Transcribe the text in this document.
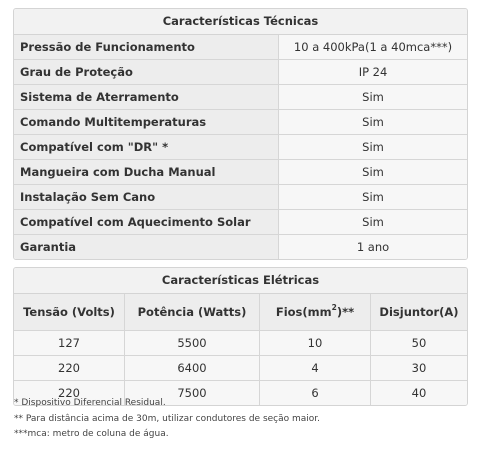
Características Técnicas
Pressão de Funcionamento	10 a 400kPa(1 a 40mca***)
Grau de Proteção	IP 24
Sistema de Aterramento	Sim
Comando Multitemperaturas	Sim
Compatível com "DR" *	Sim
Mangueira com Ducha Manual	Sim
Instalação Sem Cano	Sim
Compatível com Aquecimento Solar	Sim
Garantia	1 ano
Características Elétricas
Tensão (Volts)	Potência (Watts)	$Fios(mm^2)**$	Disjuntor(A)
127	5500	10	50
220	6400	4	30
220	7500	6	40
* Dispositivo Diferencial Residual.
** Para distância acima de 30m, utilizar condutores de seção maior.
***mca: metro de coluna de água.
